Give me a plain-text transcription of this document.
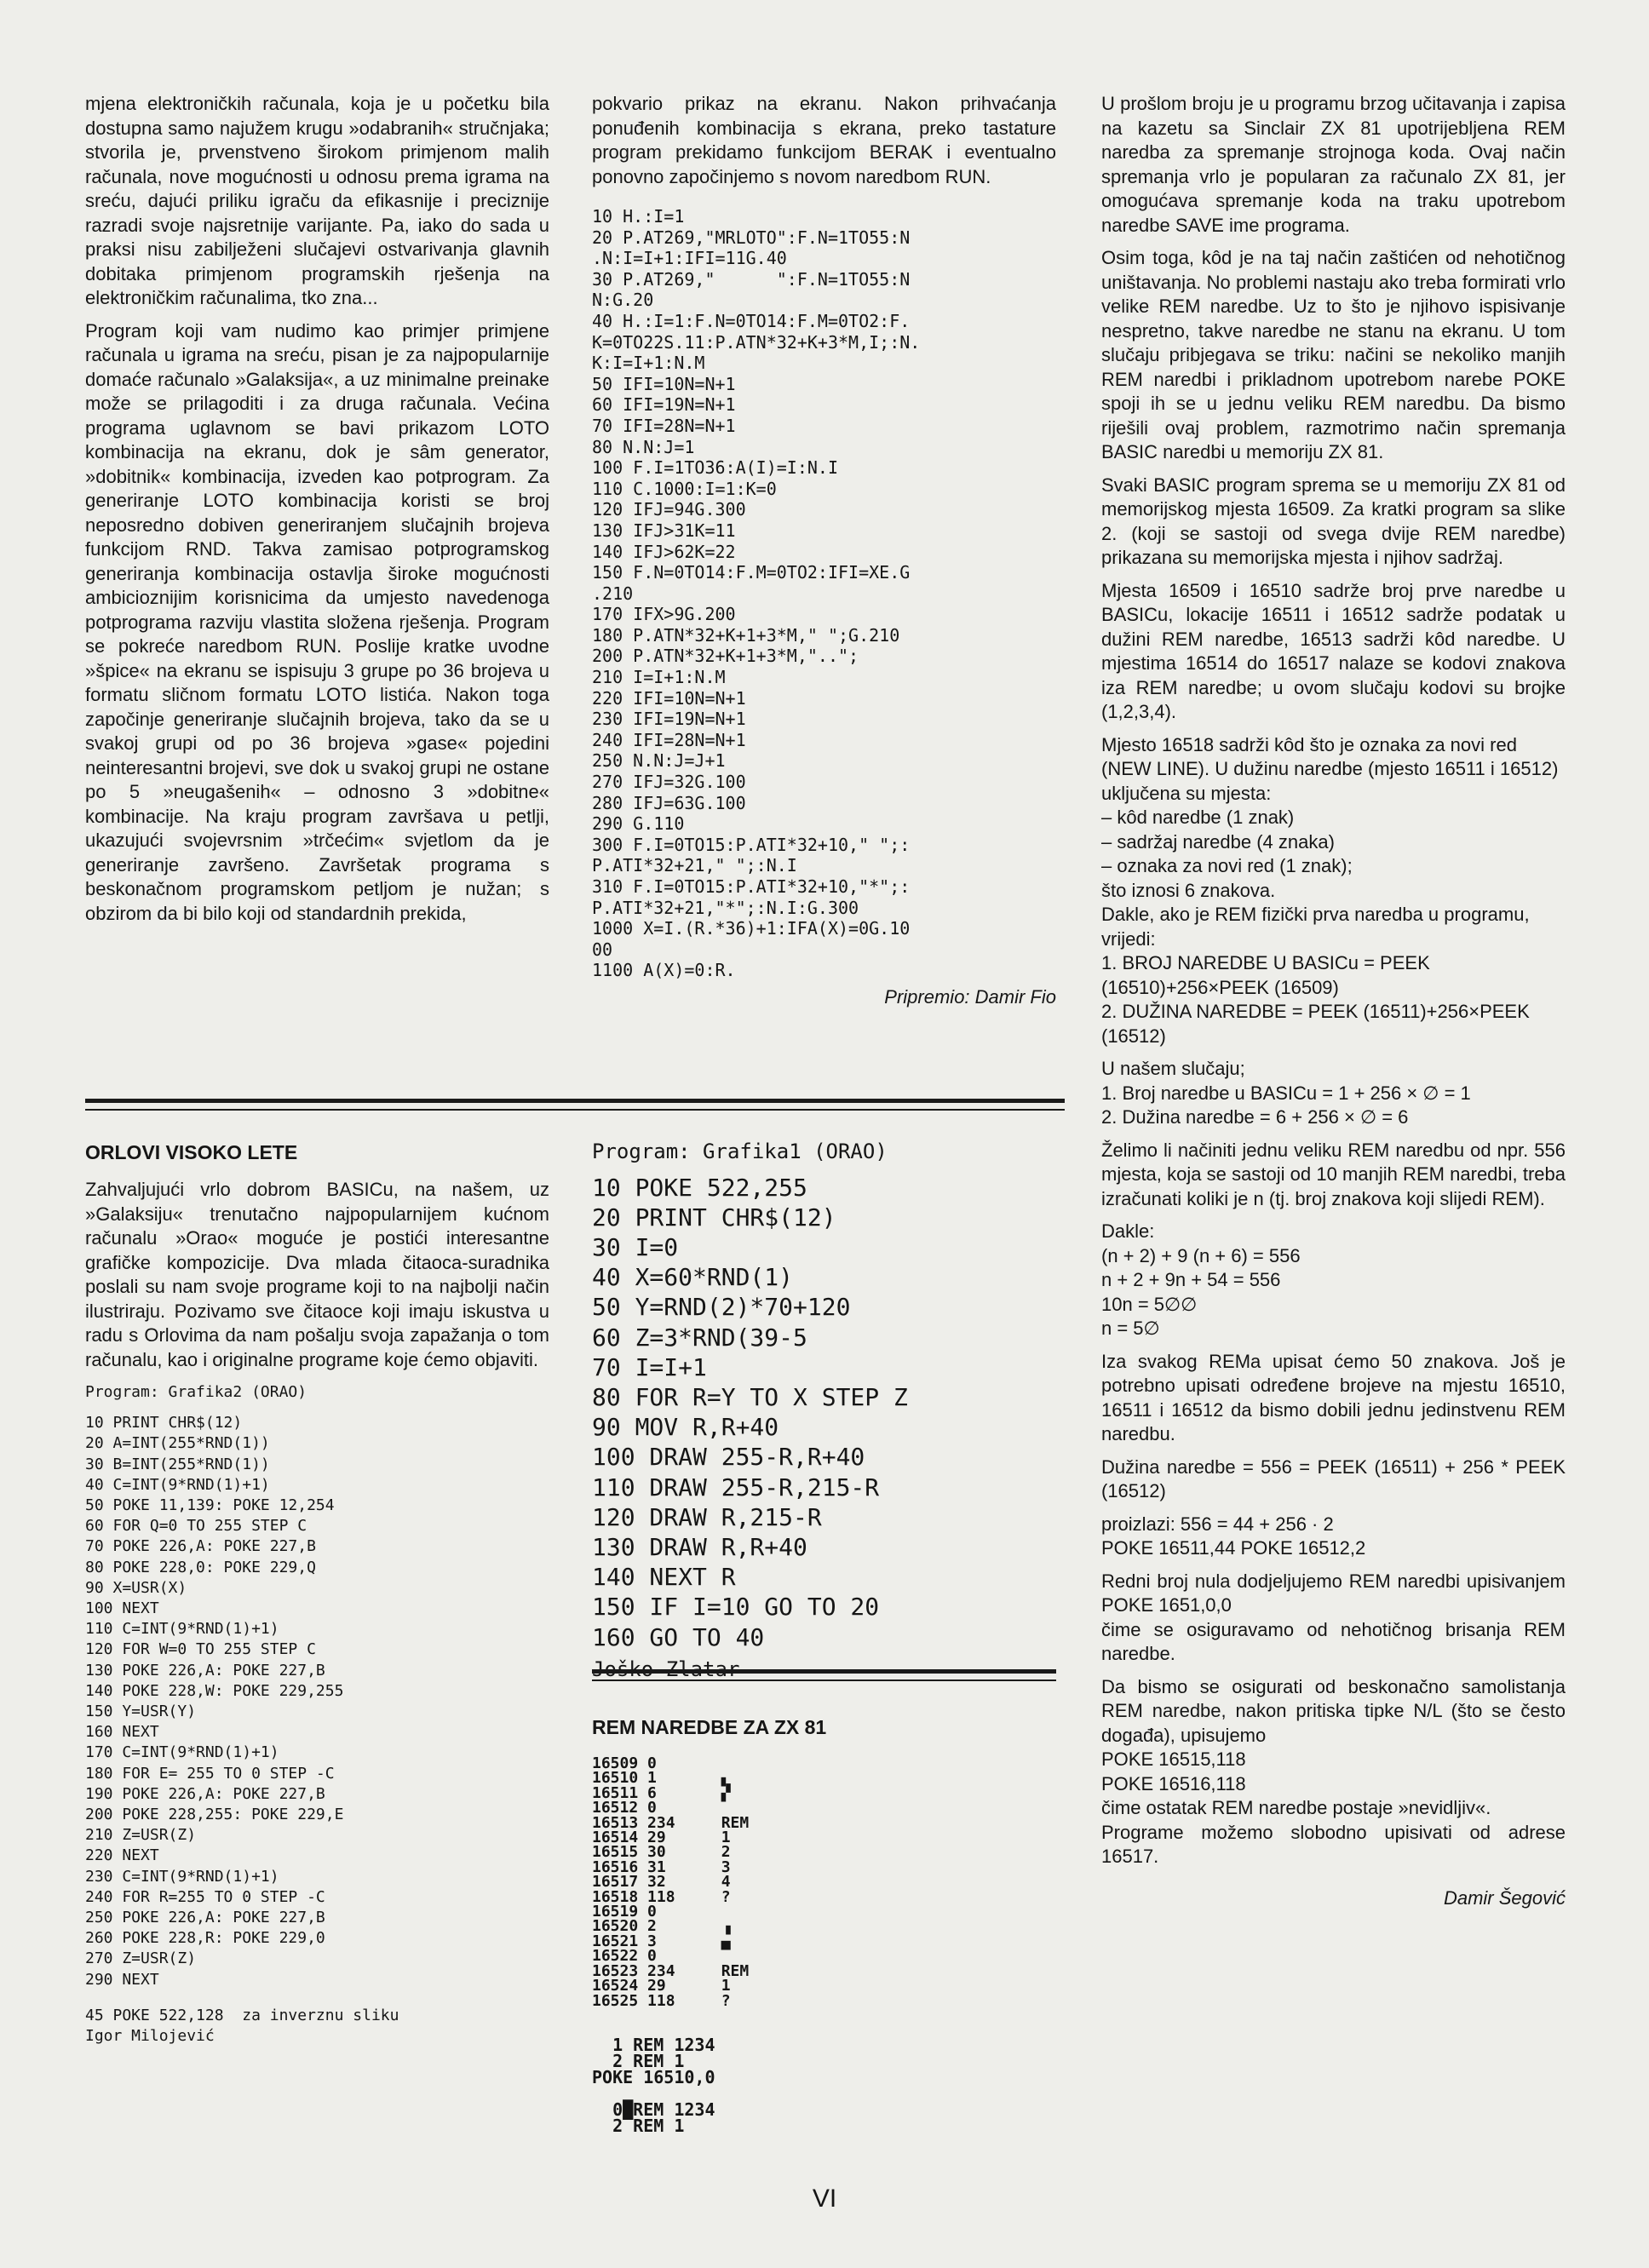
mjena elektroničkih računala, koja je u početku bila dostupna samo najužem krugu »odabranih« stručnjaka; stvorila je, prvenstveno širokom primjenom malih računala, nove mogućnosti u odnosu prema igrama na sreću, dajući priliku igraču da efikasnije i preciznije razradi svoje najsretnije varijante. Pa, iako do sada u praksi nisu zabilježeni slučajevi ostvarivanja glavnih dobitaka primjenom programskih rješenja na elektroničkim računalima, tko zna...

Program koji vam nudimo kao primjer primjene računala u igrama na sreću, pisan je za najpopularnije domaće računalo »Galaksija«, a uz minimalne preinake može se prilagoditi i za druga računala. Većina programa uglavnom se bavi prikazom LOTO kombinacija na ekranu, dok je sâm generator, »dobitnik« kombinacija, izveden kao potprogram. Za generiranje LOTO kombinacija koristi se broj neposredno dobiven generiranjem slučajnih brojeva funkcijom RND. Takva zamisao potprogramskog generiranja kombinacija ostavlja široke mogućnosti ambicioznijim korisnicima da umjesto navedenoga potprograma razviju vlastita složena rješenja. Program se pokreće naredbom RUN. Poslije kratke uvodne »špice« na ekranu se ispisuju 3 grupe po 36 brojeva u formatu sličnom formatu LOTO listića. Nakon toga započinje generiranje slučajnih brojeva, tako da se u svakoj grupi od po 36 brojeva »gase« pojedini neinteresantni brojevi, sve dok u svakoj grupi ne ostane po 5 »neugašenih« – odnosno 3 »dobitne« kombinacije. Na kraju program završava u petlji, ukazujući svojevrsnim »trčećim« svjetlom da je generiranje završeno. Završetak programa s beskonačnom programskom petljom je nužan; s obzirom da bi bilo koji od standardnih prekida,

pokvario prikaz na ekranu. Nakon prihvaćanja ponuđenih kombinacija s ekrana, preko tastature program prekidamo funkcijom BERAK i eventualno ponovno započinjemo s novom naredbom RUN.

10 H.:I=1
20 P.AT269,"MRLOTO":F.N=1TO55:N
.N:I=I+1:IFI=11G.40
30 P.AT269,"      ":F.N=1TO55:N
N:G.20
40 H.:I=1:F.N=0TO14:F.M=0TO2:F.
K=0TO22S.11:P.ATN*32+K+3*M,I;:N.
K:I=I+1:N.M
50 IFI=10N=N+1
60 IFI=19N=N+1
70 IFI=28N=N+1
80 N.N:J=1
100 F.I=1TO36:A(I)=I:N.I
110 C.1000:I=1:K=0
120 IFJ=94G.300
130 IFJ>31K=11
140 IFJ>62K=22
150 F.N=0TO14:F.M=0TO2:IFI=XE.G
.210
170 IFX>9G.200
180 P.ATN*32+K+1+3*M," ";G.210
200 P.ATN*32+K+1+3*M,"..";
210 I=I+1:N.M
220 IFI=10N=N+1
230 IFI=19N=N+1
240 IFI=28N=N+1
250 N.N:J=J+1
270 IFJ=32G.100
280 IFJ=63G.100
290 G.110
300 F.I=0TO15:P.ATI*32+10," ";:
P.ATI*32+21," ";:N.I
310 F.I=0TO15:P.ATI*32+10,"*";:
P.ATI*32+21,"*";:N.I:G.300
1000 X=I.(R.*36)+1:IFA(X)=0G.10
00
1100 A(X)=0:R.
Pripremio: Damir Fio

U prošlom broju je u programu brzog učitavanja i zapisa na kazetu sa Sinclair ZX 81 upotrijebljena REM naredba za spremanje strojnoga koda. Ovaj način spremanja vrlo je popularan za računalo ZX 81, jer omogućava spremanje koda na traku upotrebom naredbe SAVE ime programa.

Osim toga, kôd je na taj način zaštićen od nehotičnog uništavanja. No problemi nastaju ako treba formirati vrlo velike REM naredbe. Uz to što je njihovo ispisivanje nespretno, takve naredbe ne stanu na ekranu. U tom slučaju pribjegava se triku: načini se nekoliko manjih REM naredbi i prikladnom upotrebom narebe POKE spoji ih se u jednu veliku REM naredbu. Da bismo riješili ovaj problem, razmotrimo način spremanja BASIC naredbi u memoriju ZX 81.

Svaki BASIC program sprema se u memoriju ZX 81 od memorijskog mjesta 16509. Za kratki program sa slike 2. (koji se sastoji od svega dvije REM naredbe) prikazana su memorijska mjesta i njihov sadržaj.

Mjesta 16509 i 16510 sadrže broj prve naredbe u BASICu, lokacije 16511 i 16512 sadrže podatak u dužini REM naredbe, 16513 sadrži kôd naredbe. U mjestima 16514 do 16517 nalaze se kodovi znakova iza REM naredbe; u ovom slučaju kodovi su brojke (1,2,3,4).

Mjesto 16518 sadrži kôd što je oznaka za novi red (NEW LINE). U dužinu naredbe (mjesto 16511 i 16512) uključena su mjesta:
– kôd naredbe (1 znak)
– sadržaj naredbe (4 znaka)
– oznaka za novi red (1 znak);
što iznosi 6 znakova.
Dakle, ako je REM fizički prva naredba u programu, vrijedi:
1. BROJ NAREDBE U BASICu = PEEK (16510)+256×PEEK (16509)
2. DUŽINA NAREDBE = PEEK (16511)+256×PEEK (16512)

U našem slučaju;
1. Broj naredbe u BASICu = 1 + 256 × ∅ = 1
2. Dužina naredbe = 6 + 256 × ∅ = 6

Želimo li načiniti jednu veliku REM naredbu od npr. 556 mjesta, koja se sastoji od 10 manjih REM naredbi, treba izračunati koliki je n (tj. broj znakova koji slijedi REM).

Dakle:
(n + 2) + 9 (n + 6) = 556
n + 2 + 9n + 54 = 556
10n = 5∅∅
n = 5∅

Iza svakog REMa upisat ćemo 50 znakova. Još je potrebno upisati određene brojeve na mjestu 16510, 16511 i 16512 da bismo dobili jednu jedinstvenu REM naredbu.

Dužina naredbe = 556 = PEEK (16511) + 256 * PEEK (16512)

proizlazi: 556 = 44 + 256 · 2
POKE 16511,44 POKE 16512,2

Redni broj nula dodjeljujemo REM naredbi upisivanjem POKE 1651,0,0
čime se osiguravamo od nehotičnog brisanja REM naredbe.

Da bismo se osigurati od beskonačno samolistanja REM naredbe, nakon pritiska tipke N/L (što se često događa), upisujemo
POKE 16515,118
POKE 16516,118
čime ostatak REM naredbe postaje »nevidljiv«.
Programe možemo slobodno upisivati od adrese 16517.

Damir Šegović
ORLOVI VISOKO LETE

Zahvaljujući vrlo dobrom BASICu, na našem, uz »Galaksiju« trenutačno najpopularnijem kućnom računalu »Orao« moguće je postići interesantne grafičke kompozicije. Dva mlada čitaoca-suradnika poslali su nam svoje programe koji to na najbolji način ilustriraju. Pozivamo sve čitaoce koji imaju iskustva u radu s Orlovima da nam pošalju svoja zapažanja o tom računalu, kao i originalne programe koje ćemo objaviti.

Program: Grafika2 (ORAO)
10 PRINT CHR$(12)
20 A=INT(255*RND(1))
30 B=INT(255*RND(1))
40 C=INT(9*RND(1)+1)
50 POKE 11,139: POKE 12,254
60 FOR Q=0 TO 255 STEP C
70 POKE 226,A: POKE 227,B
80 POKE 228,0: POKE 229,Q
90 X=USR(X)
100 NEXT
110 C=INT(9*RND(1)+1)
120 FOR W=0 TO 255 STEP C
130 POKE 226,A: POKE 227,B
140 POKE 228,W: POKE 229,255
150 Y=USR(Y)
160 NEXT
170 C=INT(9*RND(1)+1)
180 FOR E= 255 TO 0 STEP -C
190 POKE 226,A: POKE 227,B
200 POKE 228,255: POKE 229,E
210 Z=USR(Z)
220 NEXT
230 C=INT(9*RND(1)+1)
240 FOR R=255 TO 0 STEP -C
250 POKE 226,A: POKE 227,B
260 POKE 228,R: POKE 229,0
270 Z=USR(Z)
290 NEXT
45 POKE 522,128  za inverznu sliku
Igor Milojević
Program: Grafika1 (ORAO)
10 POKE 522,255
20 PRINT CHR$(12)
30 I=0
40 X=60*RND(1)
50 Y=RND(2)*70+120
60 Z=3*RND(39-5
70 I=I+1
80 FOR R=Y TO X STEP Z
90 MOV R,R+40
100 DRAW 255-R,R+40
110 DRAW 255-R,215-R
120 DRAW R,215-R
130 DRAW R,R+40
140 NEXT R
150 IF I=10 GO TO 20
160 GO TO 40
REM NAREDBE ZA ZX 81
16509 0
16510 1       ▖
16511 6       ▞
16512 0
16513 234     REM
16514 29      1
16515 30      2
16516 31      3
16517 32      4
16518 118     ?
16519 0
16520 2       ▗
16521 3       ▄
16522 0
16523 234     REM
16524 29      1
16525 118     ?
1 REM 1234
2 REM 1
POKE 16510,0

0█REM 1234
2 REM 1
VI
